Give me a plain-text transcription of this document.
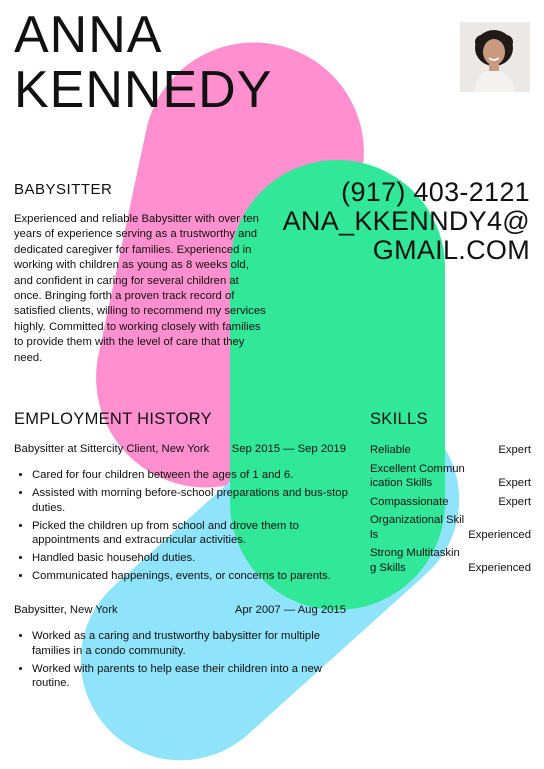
ANNA
KENNEDY
BABYSITTER	(917) 403-2121
ANA_KKENNDY4@
GMAIL.COM

Experienced and reliable Babysitter with over ten years of experience serving as a trustworthy and dedicated caregiver for families. Experienced in working with children as young as 8 weeks old, and confident in caring for several children at once. Bringing forth a proven track record of satisfied clients, willing to recommend my services highly. Committed to working closely with families to provide them with the level of care that they need.

EMPLOYMENT HISTORY	SKILLS
Babysitter at Sittercity Client, New York Sep 2015 — Sep 2019
• Cared for four children between the ages of 1 and 6.
• Assisted with morning before-school preparations and bus-stop duties.
• Picked the children up from school and drove them to appointments and extracurricular activities.
• Handled basic household duties.
• Communicated happenings, events, or concerns to parents.
Babysitter, New York	Apr 2007 — Aug 2015
• Worked as a caring and trustworthy babysitter for multiple families in a condo community.
• Worked with parents to help ease their children into a new routine.
Reliable	Expert
Excellent Communication Skills	Expert
Compassionate	Expert
Organizational Skills	Experienced
Strong Multitasking Skills	Experienced
